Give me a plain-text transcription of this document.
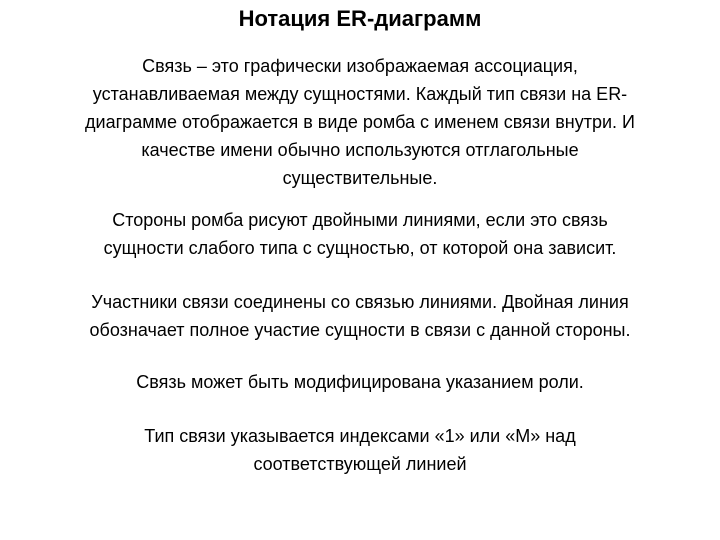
Нотация ER-диаграмм
Связь – это графически изображаемая ассоциация,
устанавливаемая между сущностями. Каждый тип связи на ER-
диаграмме отображается в виде ромба с именем связи внутри. И
качестве имени обычно используются отглагольные
существительные.
Стороны ромба рисуют двойными линиями, если это связь
сущности слабого типа с сущностью, от которой она зависит.
Участники связи соединены со связью линиями. Двойная линия
обозначает полное участие сущности в связи с данной стороны.
Связь может быть модифицирована указанием роли.
Тип связи указывается индексами «1» или «М» над
соответствующей линией
